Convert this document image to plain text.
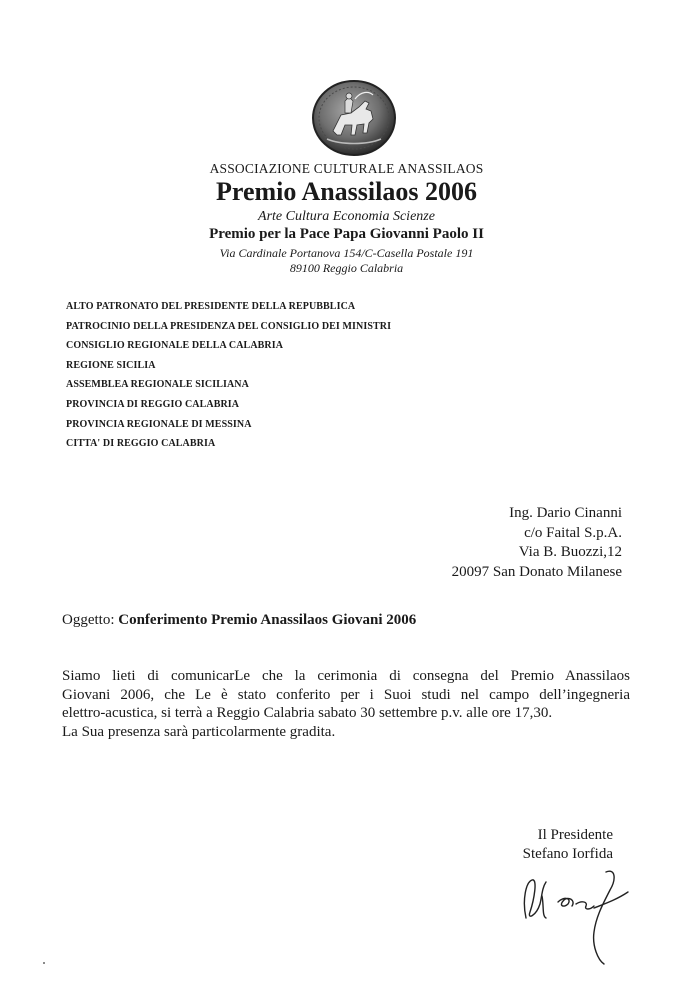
ASSOCIAZIONE CULTURALE ANASSILAOS
Premio Anassilaos 2006
Arte Cultura Economia Scienze
Premio per la Pace Papa Giovanni Paolo II
Via Cardinale Portanova 154/C-Casella Postale 191
89100 Reggio Calabria
ALTO PATRONATO DEL PRESIDENTE DELLA REPUBBLICA
PATROCINIO DELLA PRESIDENZA DEL CONSIGLIO DEI MINISTRI
CONSIGLIO REGIONALE DELLA CALABRIA
REGIONE SICILIA
ASSEMBLEA REGIONALE SICILIANA
PROVINCIA DI REGGIO CALABRIA
PROVINCIA REGIONALE DI MESSINA
CITTA' DI REGGIO CALABRIA
Ing. Dario Cinanni
c/o Faital S.p.A.
Via B. Buozzi,12
20097 San Donato Milanese
Oggetto: Conferimento Premio Anassilaos Giovani 2006

Siamo lieti di comunicarLe che la cerimonia di consegna del Premio Anassilaos
Giovani 2006, che Le è stato conferito per i Suoi studi nel campo dell’ingegneria
elettro-acustica, si terrà a Reggio Calabria sabato 30 settembre p.v. alle ore 17,30.
La Sua presenza sarà particolarmente gradita.

Il Presidente
Stefano Iorfida
